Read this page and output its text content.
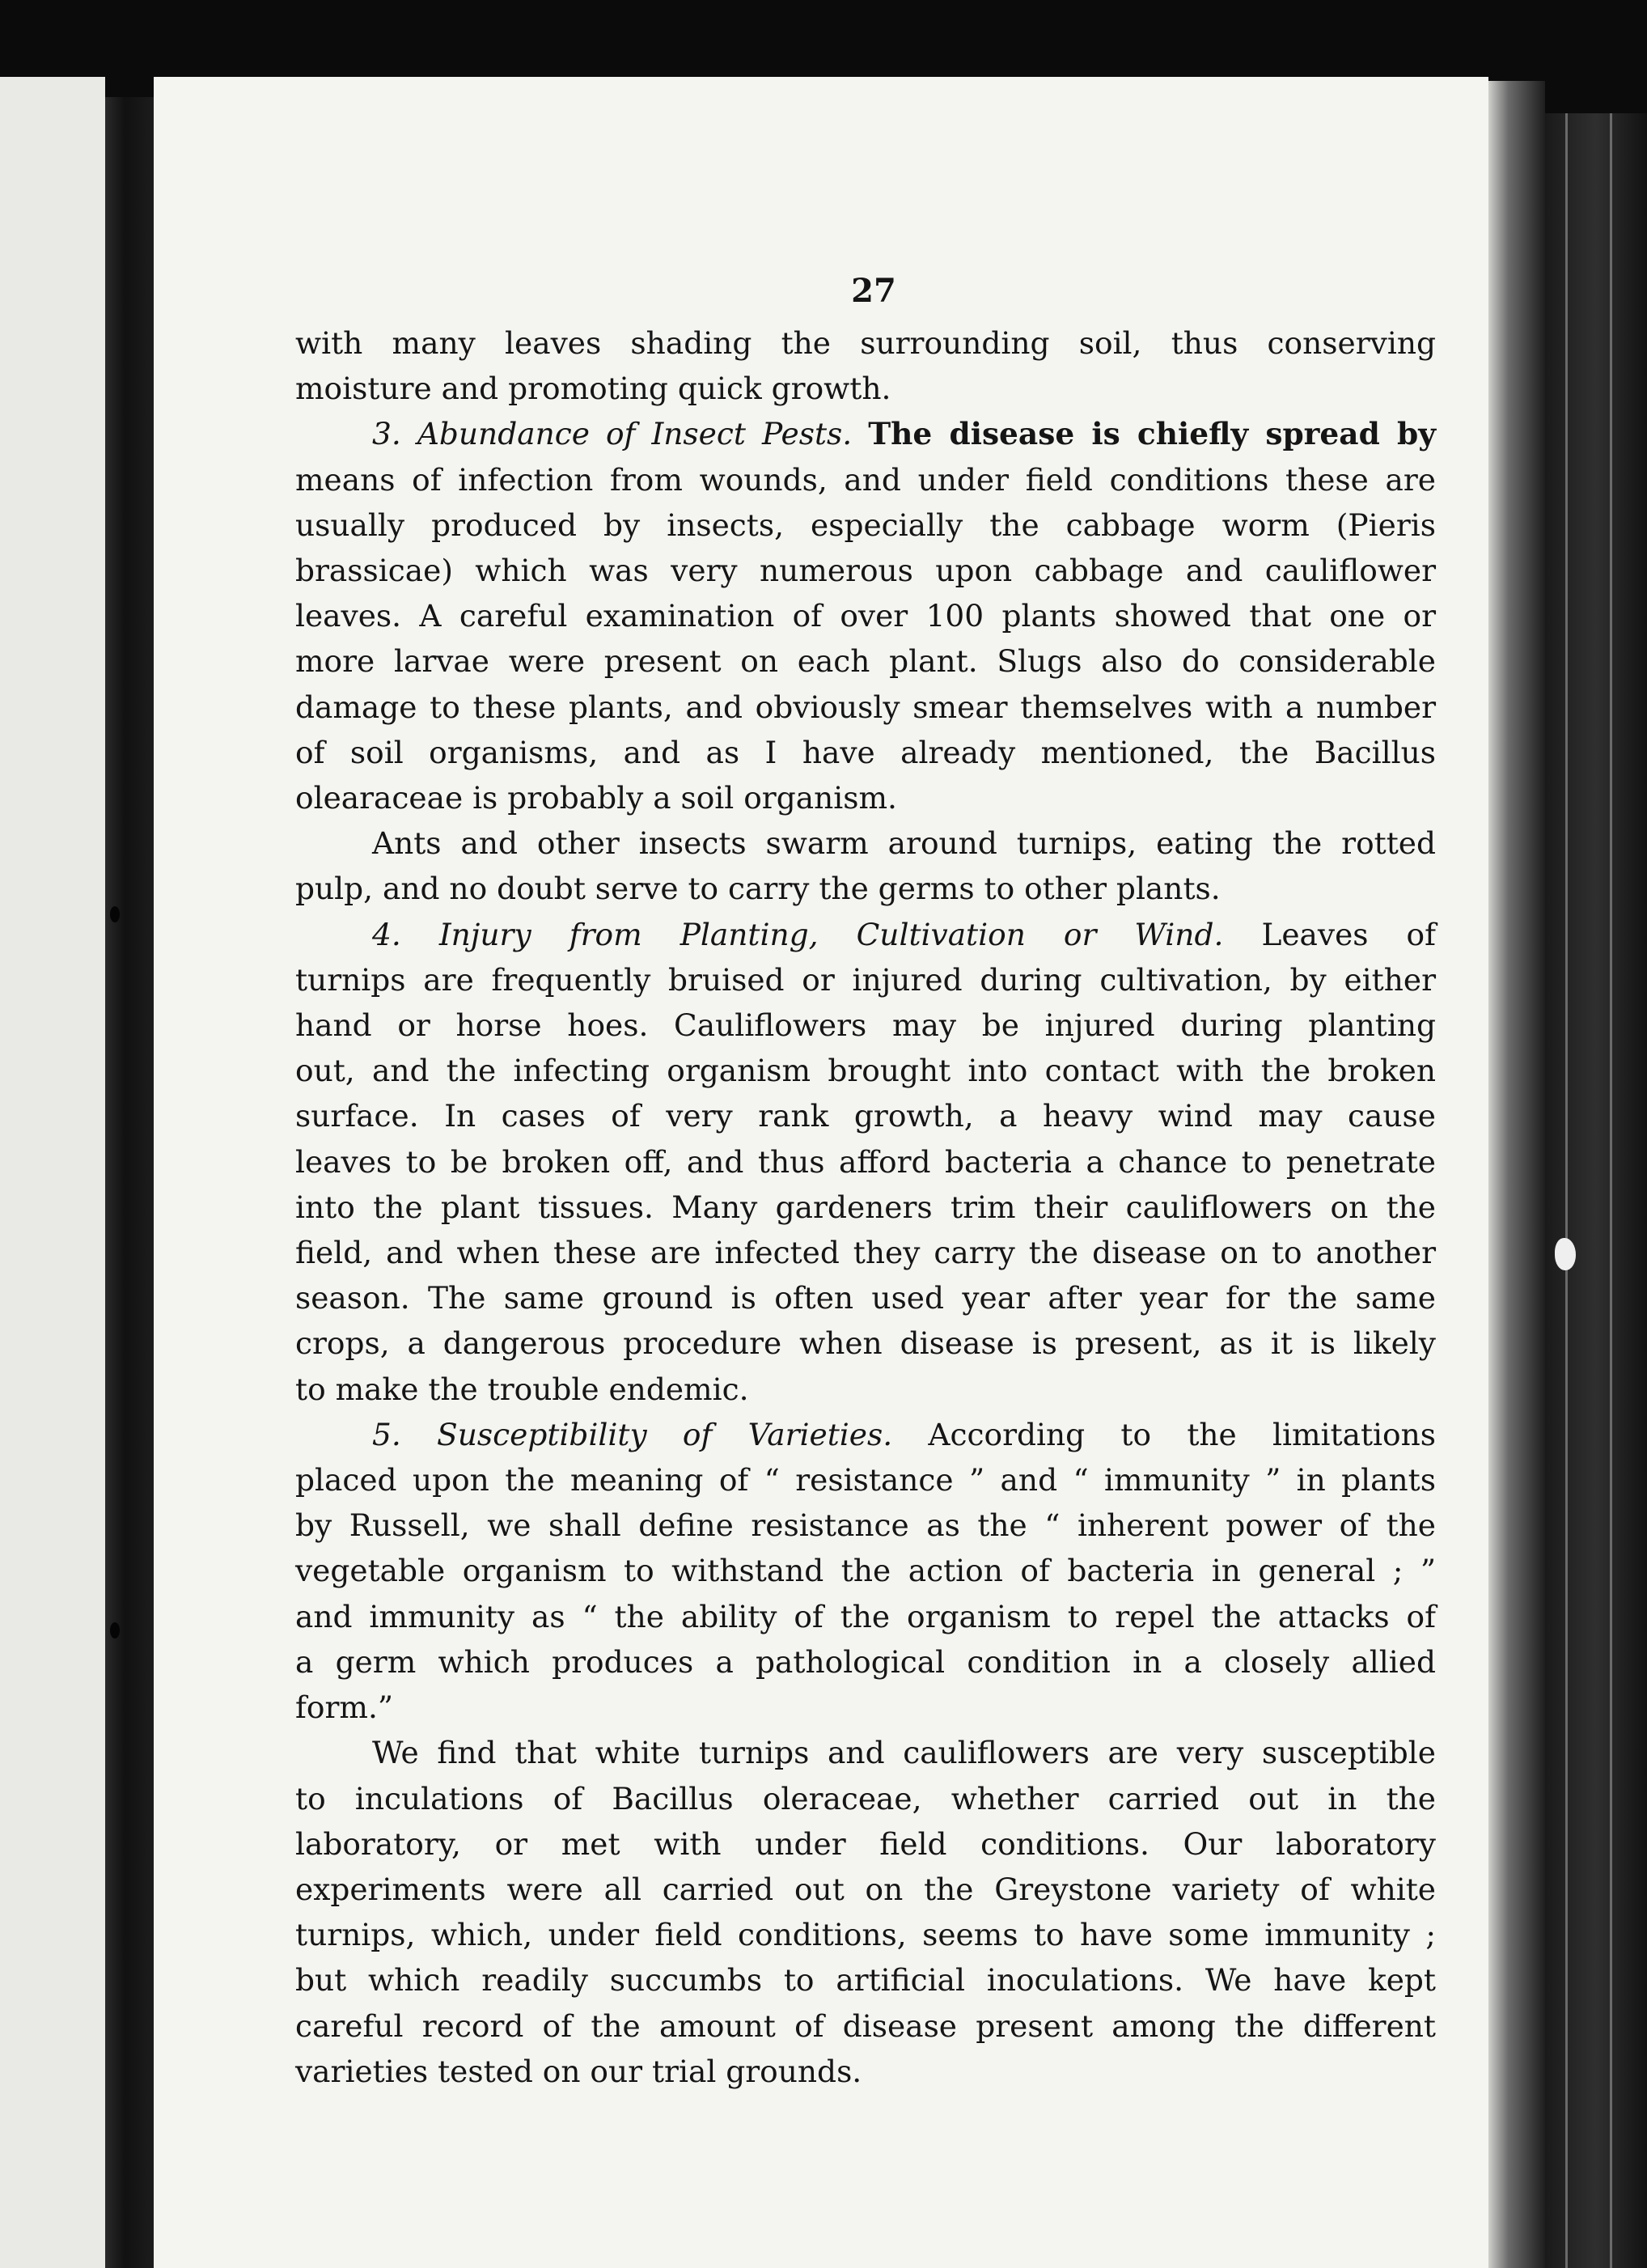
27

with many leaves shading the surrounding soil, thus conserving
moisture and promoting quick growth.

3. Abundance of Insect Pests. The disease is chiefly spread by
means of infection from wounds, and under field conditions these are
usually produced by insects, especially the cabbage worm (Pieris
brassicae) which was very numerous upon cabbage and cauliflower
leaves. A careful examination of over 100 plants showed that one or
more larvae were present on each plant. Slugs also do considerable
damage to these plants, and obviously smear themselves with a number
of soil organisms, and as I have already mentioned, the Bacillus
olearaceae is probably a soil organism.

Ants and other insects swarm around turnips, eating the rotted
pulp, and no doubt serve to carry the germs to other plants.

4. Injury from Planting, Cultivation or Wind. Leaves of
turnips are frequently bruised or injured during cultivation, by either
hand or horse hoes. Cauliflowers may be injured during planting
out, and the infecting organism brought into contact with the broken
surface. In cases of very rank growth, a heavy wind may cause
leaves to be broken off, and thus afford bacteria a chance to penetrate
into the plant tissues. Many gardeners trim their cauliflowers on the
field, and when these are infected they carry the disease on to another
season. The same ground is often used year after year for the same
crops, a dangerous procedure when disease is present, as it is likely
to make the trouble endemic.

5. Susceptibility of Varieties. According to the limitations
placed upon the meaning of “ resistance ” and “ immunity ” in plants
by Russell, we shall define resistance as the “ inherent power of the
vegetable organism to withstand the action of bacteria in general ; ”
and immunity as “ the ability of the organism to repel the attacks of
a germ which produces a pathological condition in a closely allied
form.”

We find that white turnips and cauliflowers are very susceptible
to inculations of Bacillus oleraceae, whether carried out in the
laboratory, or met with under field conditions. Our laboratory
experiments were all carried out on the Greystone variety of white
turnips, which, under field conditions, seems to have some immunity ;
but which readily succumbs to artificial inoculations. We have kept
careful record of the amount of disease present among the different
varieties tested on our trial grounds.
